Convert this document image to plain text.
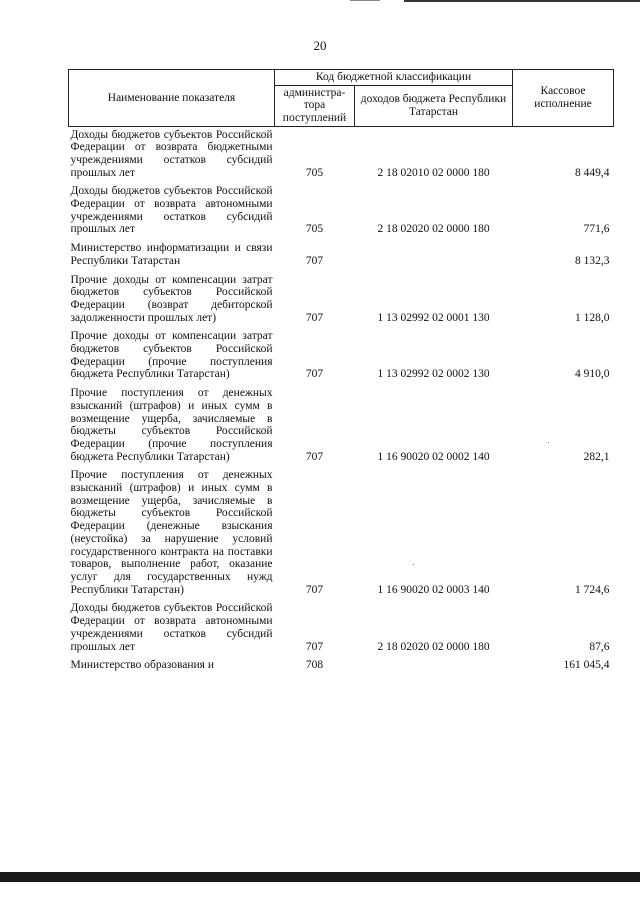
20
Наименование показателя	Код бюджетной классификации		Кассовое исполнение
	администра-тора поступлений	доходов бюджета Республики Татарстан	
Доходы бюджетов субъектов Российской Федерации от возврата бюджетными учреждениями остатков субсидий прошлых лет	705	2 18 02010 02 0000 180	8 449,4
Доходы бюджетов субъектов Российской Федерации от возврата автономными учреждениями остатков субсидий прошлых лет	705	2 18 02020 02 0000 180	771,6
Министерство информатизации и связи Республики Татарстан	707		8 132,3
Прочие доходы от компенсации затрат бюджетов субъектов Российской Федерации (возврат дебиторской задолженности прошлых лет)	707	1 13 02992 02 0001 130	1 128,0
Прочие доходы от компенсации затрат бюджетов субъектов Российской Федерации (прочие поступления бюджета Республики Татарстан)	707	1 13 02992 02 0002 130	4 910,0
Прочие поступления от денежных взысканий (штрафов) и иных сумм в возмещение ущерба, зачисляемые в бюджеты субъектов Российской Федерации (прочие поступления бюджета Республики Татарстан)	707	1 16 90020 02 0002 140	282,1
Прочие поступления от денежных взысканий (штрафов) и иных сумм в возмещение ущерба, зачисляемые в бюджеты субъектов Российской Федерации (денежные взыскания (неустойка) за нарушение условий государственного контракта на поставки товаров, выполнение работ, оказание услуг для государственных нужд Республики Татарстан)	707	1 16 90020 02 0003 140	1 724,6
Доходы бюджетов субъектов Российской Федерации от возврата автономными учреждениями остатков субсидий прошлых лет	707	2 18 02020 02 0000 180	87,6
Министерство образования и	708		161 045,4
